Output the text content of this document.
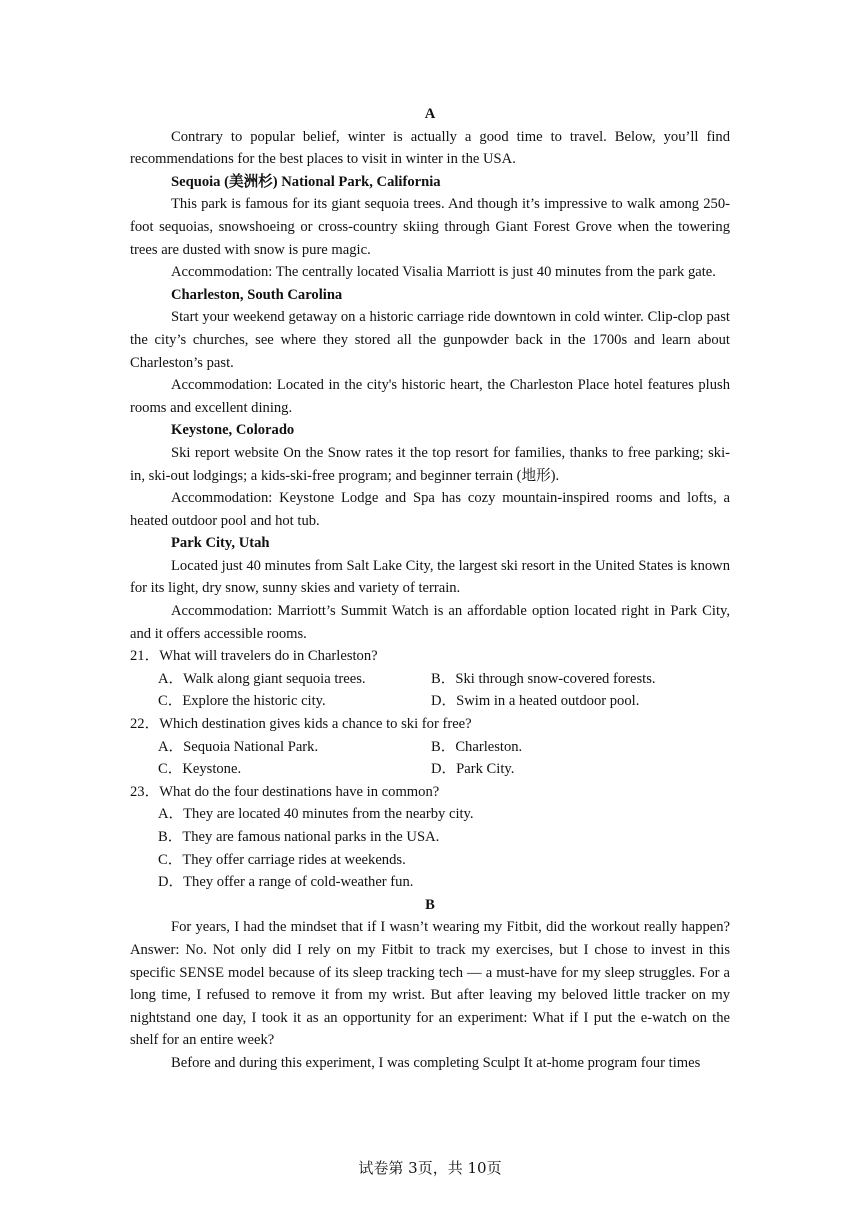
A

Contrary to popular belief, winter is actually a good time to travel. Below, you’ll find recommendations for the best places to visit in winter in the USA.

Sequoia (美洲杉) National Park, California

This park is famous for its giant sequoia trees. And though it’s impressive to walk among 250-foot sequoias, snowshoeing or cross-country skiing through Giant Forest Grove when the towering trees are dusted with snow is pure magic.

Accommodation: The centrally located Visalia Marriott is just 40 minutes from the park gate.

Charleston, South Carolina

Start your weekend getaway on a historic carriage ride downtown in cold winter. Clip-clop past the city’s churches, see where they stored all the gunpowder back in the 1700s and learn about Charleston’s past.

Accommodation: Located in the city's historic heart, the Charleston Place hotel features plush rooms and excellent dining.

Keystone, Colorado

Ski report website On the Snow rates it the top resort for families, thanks to free parking; ski-in, ski-out lodgings; a kids-ski-free program; and beginner terrain (地形).

Accommodation: Keystone Lodge and Spa has cozy mountain-inspired rooms and lofts, a heated outdoor pool and hot tub.

Park City, Utah

Located just 40 minutes from Salt Lake City, the largest ski resort in the United States is known for its light, dry snow, sunny skies and variety of terrain.

Accommodation: Marriott’s Summit Watch is an affordable option located right in Park City, and it offers accessible rooms.

21．What will travelers do in Charleston?
A．Walk along giant sequoia trees.	B．Ski through snow-covered forests.
C．Explore the historic city.	D．Swim in a heated outdoor pool.
22．Which destination gives kids a chance to ski for free?
A．Sequoia National Park.	B．Charleston.
C．Keystone.	D．Park City.
23．What do the four destinations have in common?
A．They are located 40 minutes from the nearby city.
B．They are famous national parks in the USA.
C．They offer carriage rides at weekends.
D．They offer a range of cold-weather fun.
B

For years, I had the mindset that if I wasn’t wearing my Fitbit, did the workout really happen? Answer: No. Not only did I rely on my Fitbit to track my exercises, but I chose to invest in this specific SENSE model because of its sleep tracking tech — a must-have for my sleep struggles. For a long time, I refused to remove it from my wrist. But after leaving my beloved little tracker on my nightstand one day, I took it as an opportunity for an experiment: What if I put the e-watch on the shelf for an entire week?

Before and during this experiment, I was completing Sculpt It at-home program four times

试卷第 3页，共 10页
